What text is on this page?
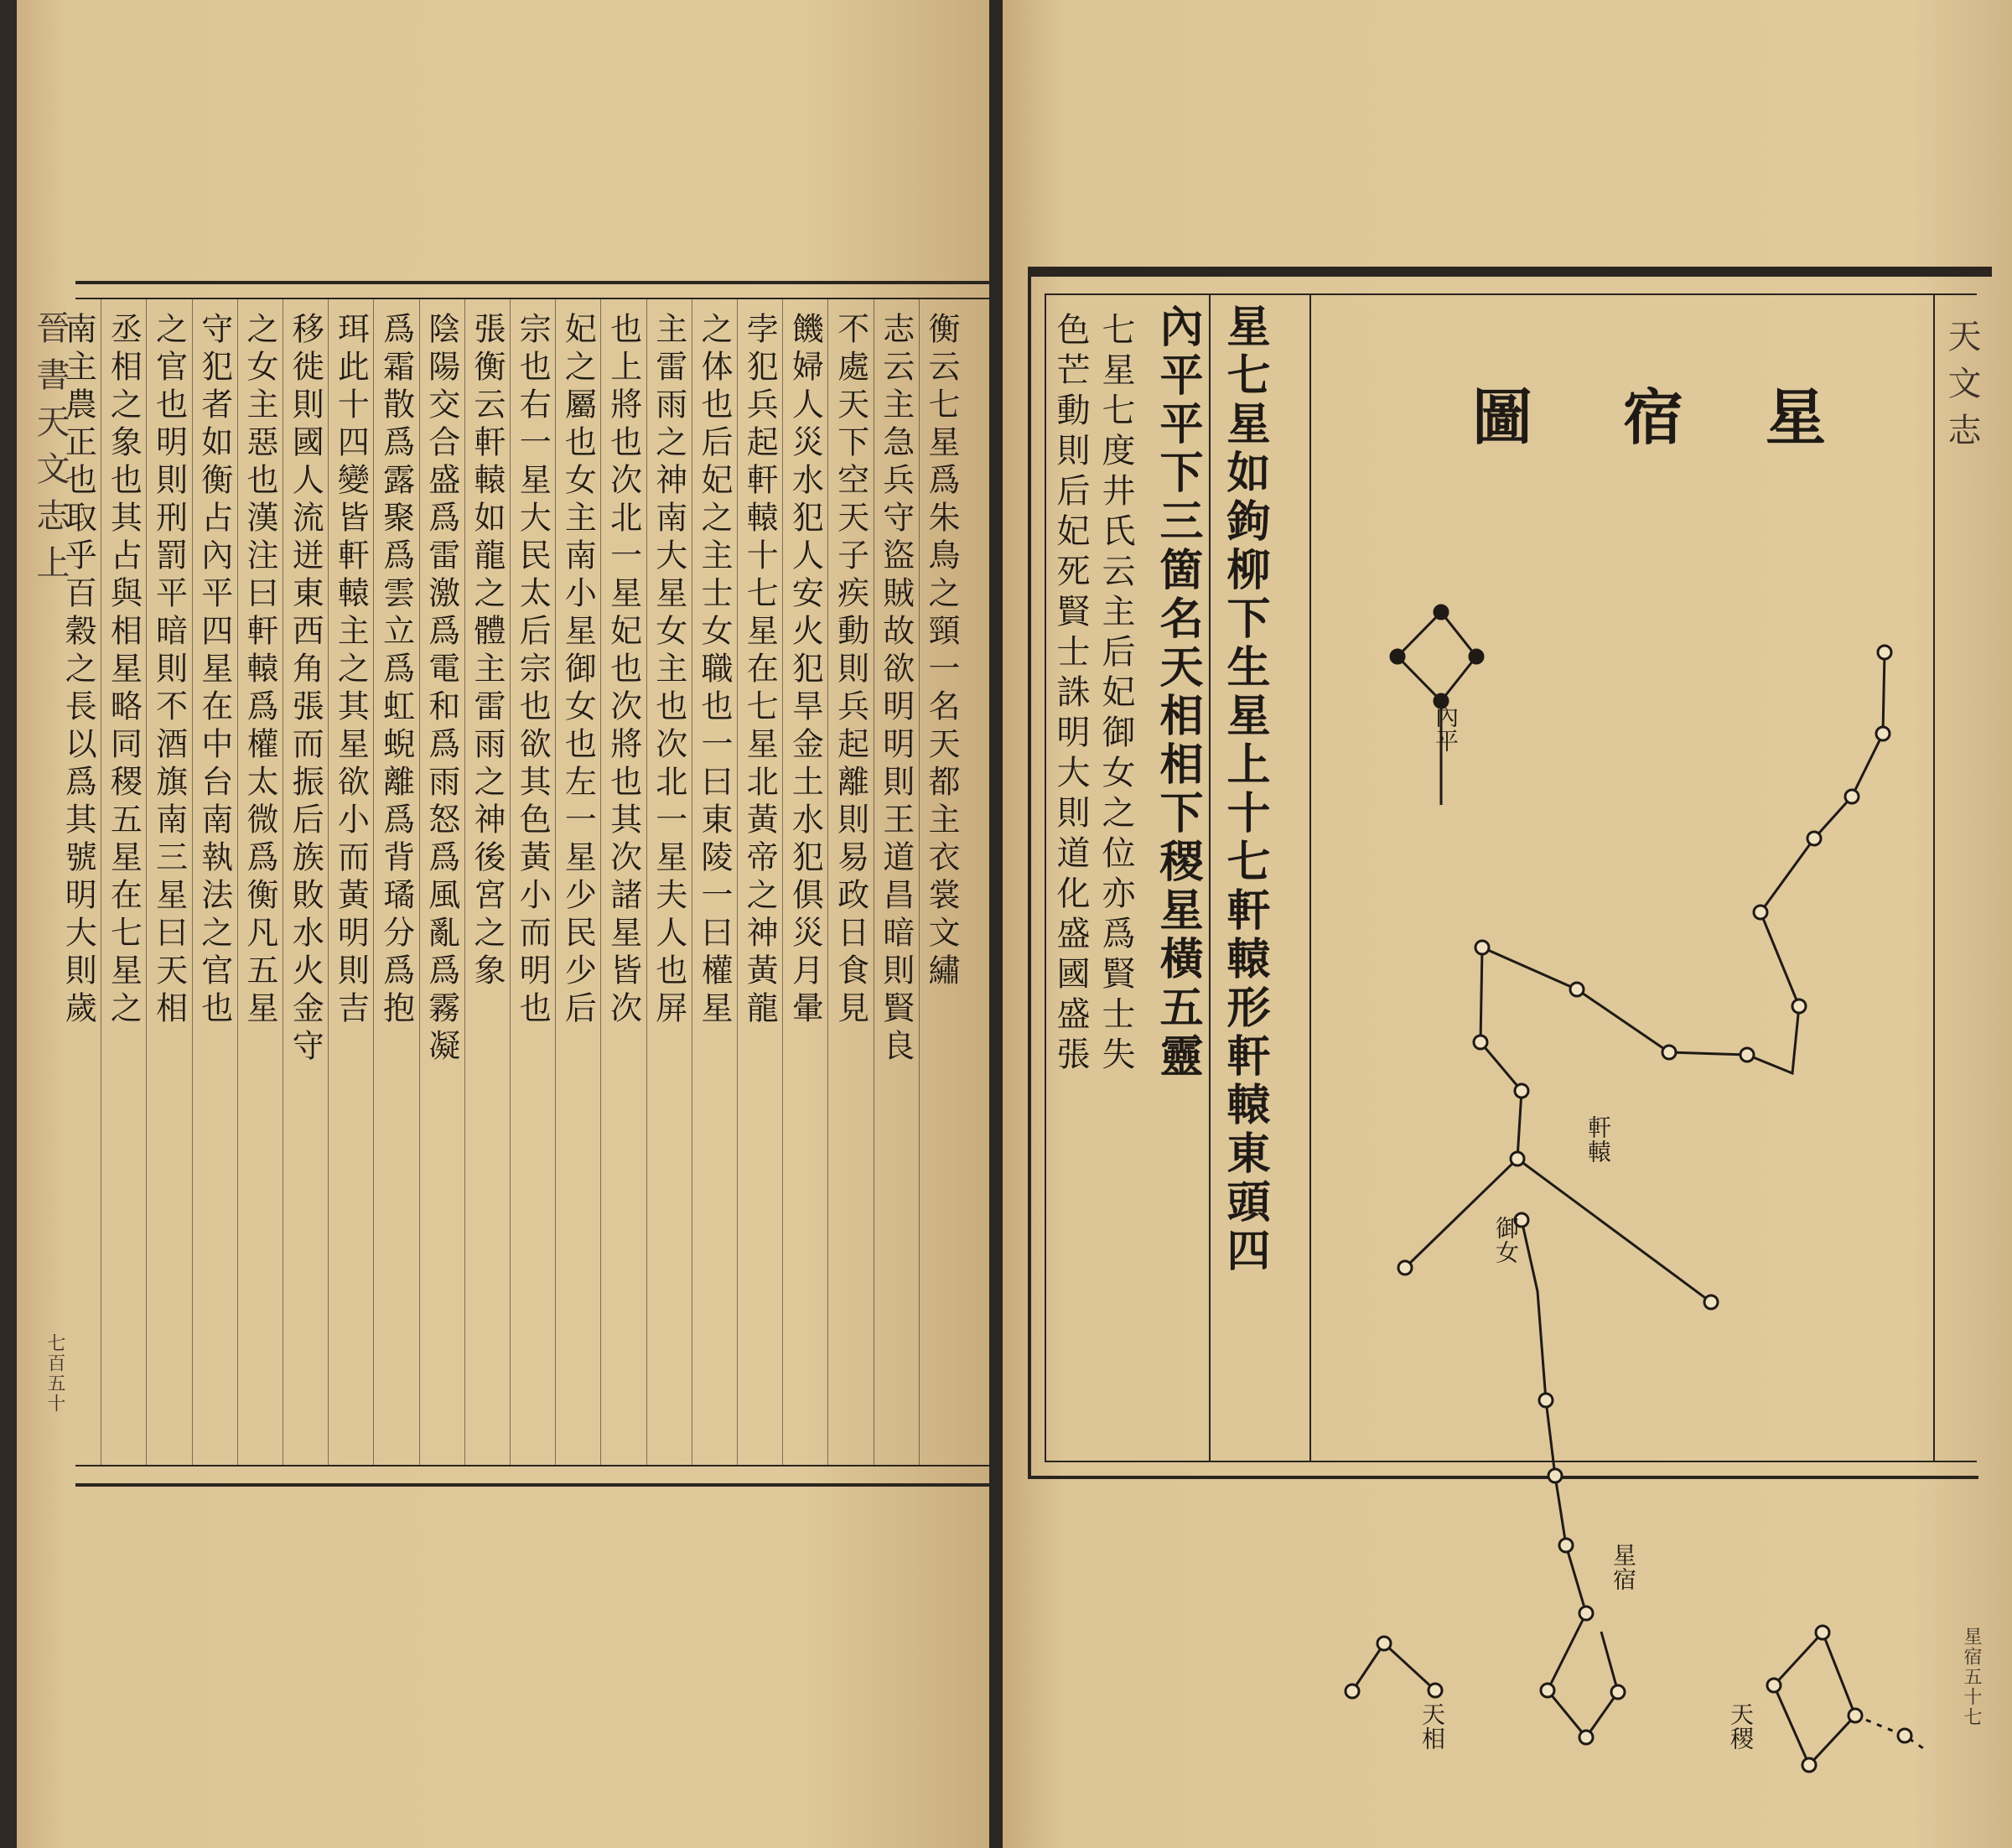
衡云七星爲朱鳥之頸一名天都主衣裳文繡
志云主急兵守盜賊故欲明明則王道昌暗則賢良
不處天下空天子疾動則兵起離則易政日食見
饑婦人災水犯人安火犯旱金土水犯俱災月暈
孛犯兵起軒轅十七星在七星北黃帝之神黃龍
之体也后妃之主士女職也一曰東陵一曰權星
主雷雨之神南大星女主也次北一星夫人也屏
也上將也次北一星妃也次將也其次諸星皆次
妃之屬也女主南小星御女也左一星少民少后
宗也右一星大民太后宗也欲其色黃小而明也
張衡云軒轅如龍之體主雷雨之神後宮之象
陰陽交合盛爲雷激爲電和爲雨怒爲風亂爲霧凝
爲霜散爲露聚爲雲立爲虹蜺離爲背璚分爲抱
珥此十四變皆軒轅主之其星欲小而黃明則吉
移徙則國人流迸東西角張而振后族敗水火金守
之女主惡也漢注曰軒轅爲權太微爲衡凡五星
守犯者如衡占內平四星在中台南執法之官也
之官也明則刑罰平暗則不酒旗南三星曰天相
丞相之象也其占與相星略同稷五星在七星之
南主農正也取乎百穀之長以爲其號明大則歲
晉書天文志上
七百五十
星七星如鉤柳下生星上十七軒轅形軒轅東頭四
內平平下三箇名天相相下稷星橫五靈
七星七度井氏云主后妃御女之位亦爲賢士失
色芒動則后妃死賢士誅明大則道化盛國盛張	星
宿
圖
內平
軒轅
御女
星宿
天相	天稷
天文志
星宿五十七
